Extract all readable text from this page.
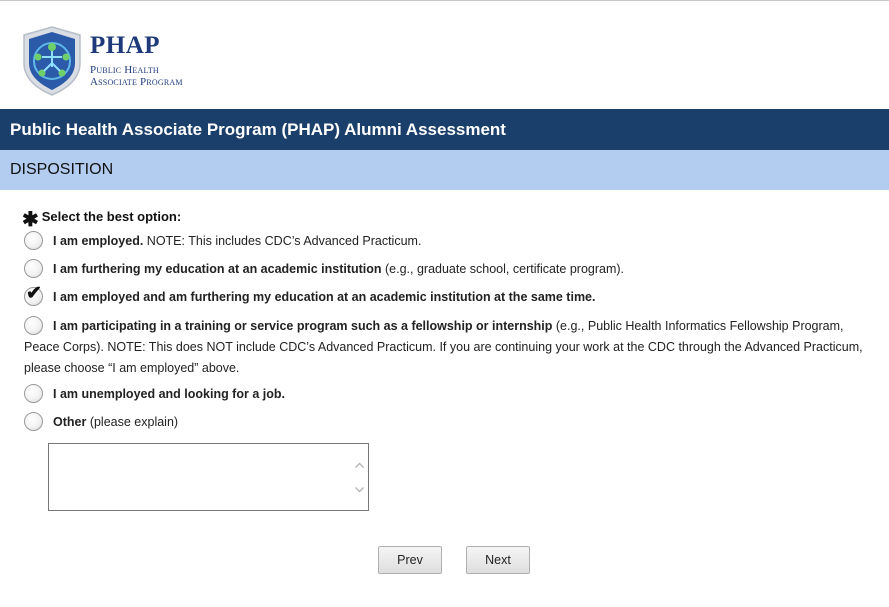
PHAP
Public Health
Associate Program
Public Health Associate Program (PHAP) Alumni Assessment
DISPOSITION
✱ Select the best option:
I am employed. NOTE: This includes CDC’s Advanced Practicum.
I am furthering my education at an academic institution (e.g., graduate school, certificate program).
✔ I am employed and am furthering my education at an academic institution at the same time.
I am participating in a training or service program such as a fellowship or internship (e.g., Public Health Informatics Fellowship Program, Peace Corps). NOTE: This does NOT include CDC’s Advanced Practicum. If you are continuing your work at the CDC through the Advanced Practicum, please choose “I am employed” above.
I am unemployed and looking for a job.
Other (please explain)
Prev	Next
